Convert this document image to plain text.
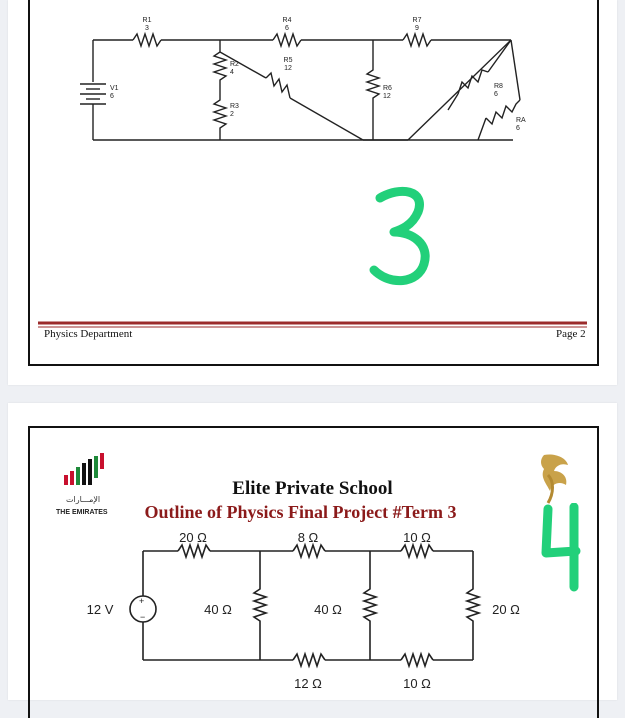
R1
3
R4
6
R7
9
R2
4
R5
12
R3
2
R6
12
R8
6
RA
6
V1
6
Physics Department	Page 2
الإمـــارات
THE EMIRATES
Elite Private School
Outline of Physics Final Project #Term 3
+
−
20 Ω	8 Ω	10 Ω
12 V	40 Ω	40 Ω	20 Ω
12 Ω	10 Ω
